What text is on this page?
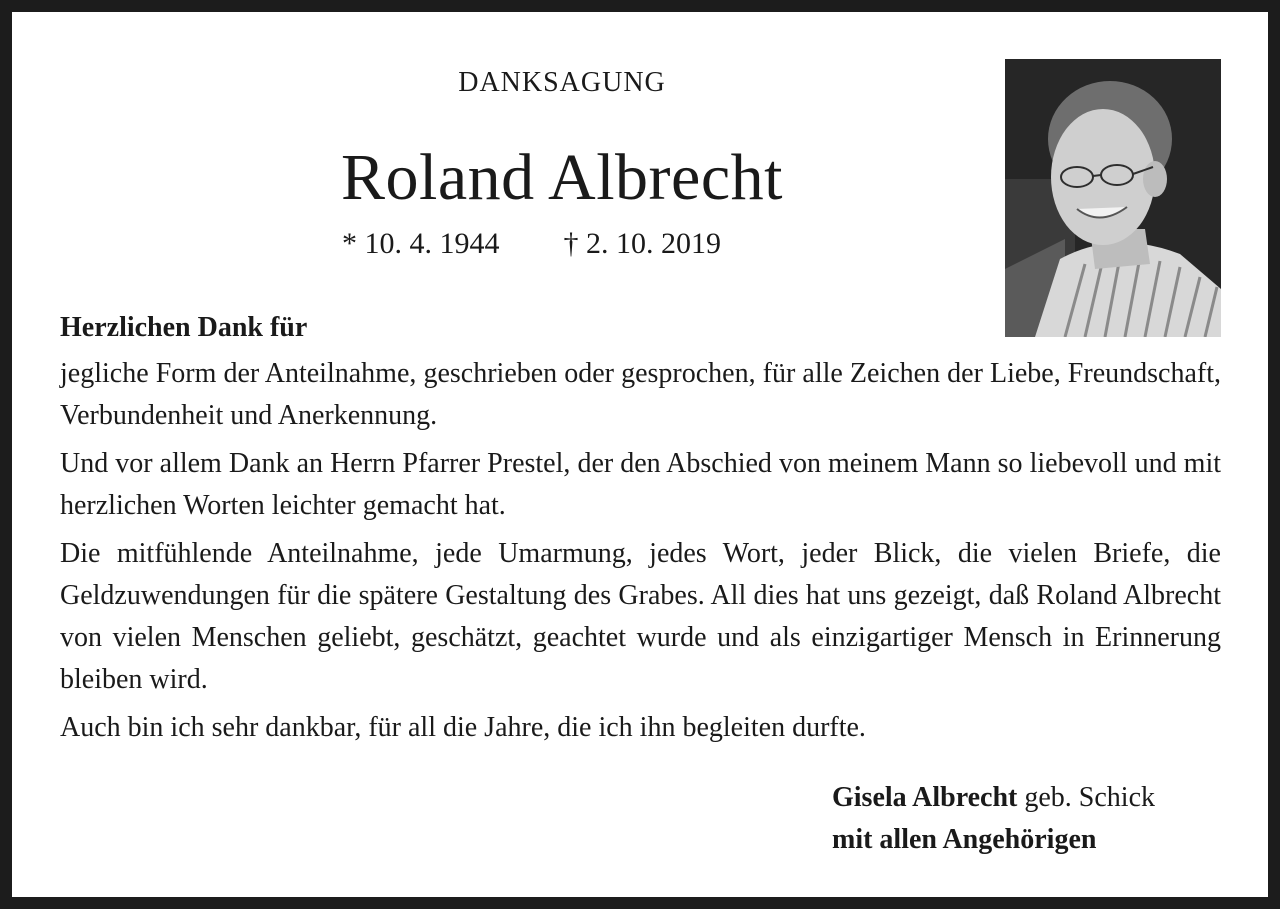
DANKSAGUNG
Roland Albrecht
* 10. 4. 1944 † 2. 10. 2019
Herzlichen Dank für

jegliche Form der Anteilnahme, geschrieben oder gesprochen, für alle Zeichen der Liebe, Freundschaft, Verbundenheit und Anerkennung.

Und vor allem Dank an Herrn Pfarrer Prestel, der den Abschied von meinem Mann so liebevoll und mit herzlichen Worten leichter gemacht hat.

Die mitfühlende Anteilnahme, jede Umarmung, jedes Wort, jeder Blick, die vielen Briefe, die Geldzuwendungen für die spätere Gestaltung des Grabes. All dies hat uns gezeigt, daß Roland Albrecht von vielen Menschen geliebt, geschätzt, geachtet wurde und als einzigartiger Mensch in Erinnerung bleiben wird.

Auch bin ich sehr dankbar, für all die Jahre, die ich ihn begleiten durfte.

Gisela Albrecht geb. Schick
mit allen Angehörigen
